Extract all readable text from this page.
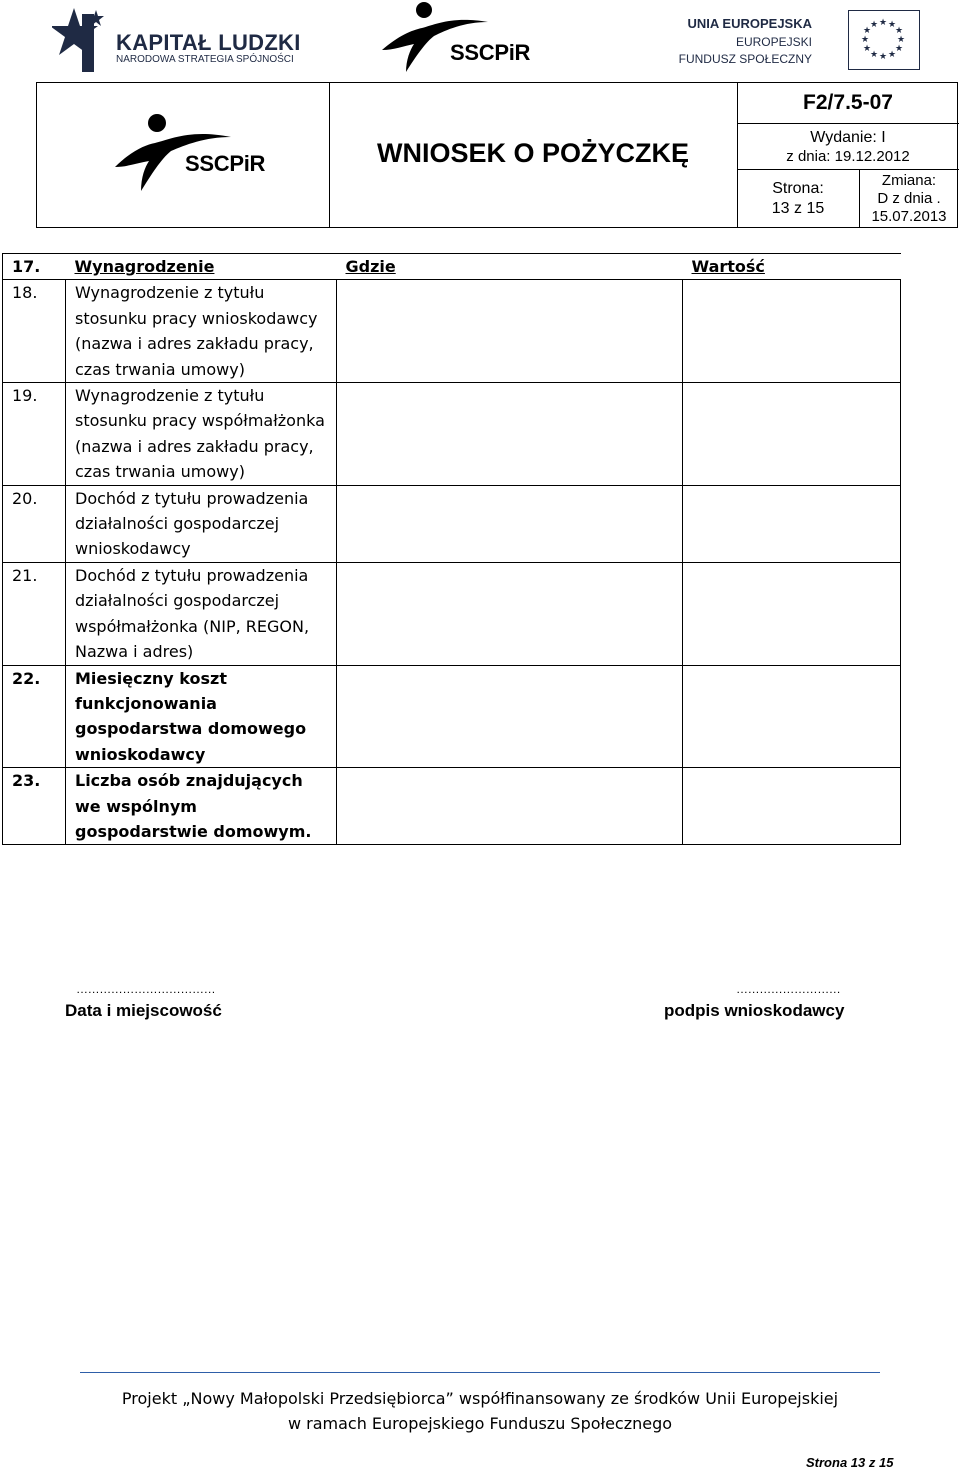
KAPITAŁ LUDZKI
NARODOWA STRATEGIA SPÓJNOŚCI	SSCPiR
UNIA EUROPEJSKA
EUROPEJSKI
FUNDUSZ SPOŁECZNY
★ ★
★
★
★
★
★
★
★
★
★
★
SSCPiR	WNIOSEK O POŻYCZKĘ
F2/7.5-07
Wydanie: I
z dnia: 19.12.2012
Strona:
13 z 15
Zmiana:
D z dnia .
15.07.2013
17.	Wynagrodzenie	Gdzie	Wartość
18.	Wynagrodzenie z tytułu stosunku pracy wnioskodawcy (nazwa i adres zakładu pracy, czas trwania umowy)		
19.	Wynagrodzenie z tytułu stosunku pracy współmałżonka (nazwa i adres zakładu pracy, czas trwania umowy)		
20.	Dochód z tytułu prowadzenia działalności gospodarczej wnioskodawcy		
21.	Dochód z tytułu prowadzenia działalności gospodarczej współmałżonka (NIP, REGON, Nazwa i adres)		
22.	Miesięczny koszt funkcjonowania gospodarstwa domowego wnioskodawcy		
23.	Liczba osób znajdujących we wspólnym gospodarstwie domowym.		
………………………………	………………………
Data i miejscowość	podpis wnioskodawcy
Projekt „Nowy Małopolski Przedsiębiorca” współfinansowany ze środków Unii Europejskiej
w ramach Europejskiego Funduszu Społecznego
Strona 13 z 15
